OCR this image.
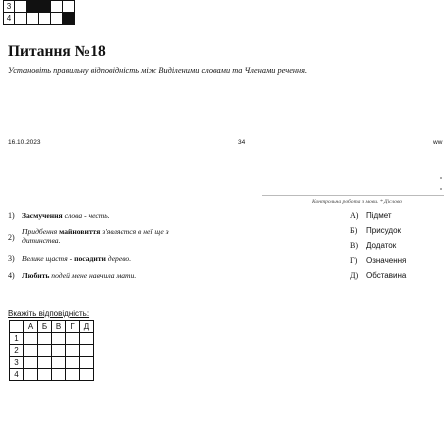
3					
4					
Питання №18
Установіть правильну відповідність між Видiленими словами та Членами речення.
16.10.2023	34	ww
Контрольна робота з мови. * Дiслово
1) Засмучення слова - честь.
2)
Придбення майновиття з'являєтся в неї ще з дитинства.
3) Велике щастя - посадити дерево.
4) Любить подей мене навчила мати.
А) Підмет
Б) Присудок
В) Додаток
Г) Означення
Д) Обставина
Вкажіть відповідність:
	А	Б	В	Г	Д
1					
2					
3					
4					
